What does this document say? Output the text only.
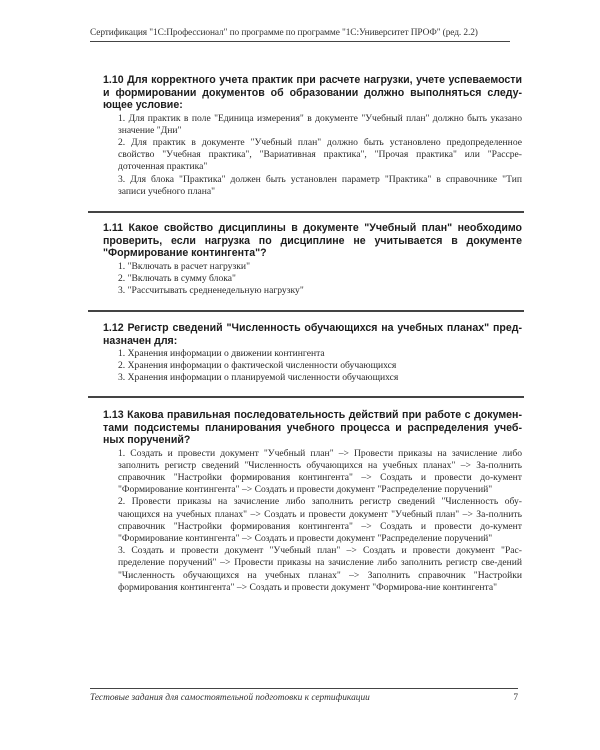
Сертификация "1С:Профессионал" по программе по программе "1С:Университет ПРОФ" (ред. 2.2)

1.10 Для корректного учета практик при расчете нагрузки, учете успеваемости и формировании документов об образовании должно выполняться следу-ющее условие:

1. Для практик в поле "Единица измерения" в документе "Учебный план" должно быть указано значение "Дни"

2. Для практик в документе "Учебный план" должно быть установлено предопределенное свойство "Учебная практика", "Вариативная практика", "Прочая практика" или "Рассре-доточенная практика"

3. Для блока "Практика" должен быть установлен параметр "Практика" в справочнике "Тип записи учебного плана"

1.11 Какое свойство дисциплины в документе "Учебный план" необходимо проверить, если нагрузка по дисциплине не учитывается в документе "Формирование контингента"?

1. "Включать в расчет нагрузки"

2. "Включать в сумму блока"

3. "Рассчитывать средненедельную нагрузку"

1.12 Регистр сведений "Численность обучающихся на учебных планах" пред-назначен для:

1. Хранения информации о движении контингента

2. Хранения информации о фактической численности обучающихся

3. Хранения информации о планируемой численности обучающихся

1.13 Какова правильная последовательность действий при работе с докумен-тами подсистемы планирования учебного процесса и распределения учеб-ных поручений?

1. Создать и провести документ "Учебный план" –> Провести приказы на зачисление либо заполнить регистр сведений "Численность обучающихся на учебных планах" –> За-полнить справочник "Настройки формирования контингента" –> Создать и провести до-кумент "Формирование контингента" –> Создать и провести документ "Распределение поручений"

2. Провести приказы на зачисление либо заполнить регистр сведений "Численность обу-чающихся на учебных планах" –> Создать и провести документ "Учебный план" –> За-полнить справочник "Настройки формирования контингента" –> Создать и провести до-кумент "Формирование контингента" –> Создать и провести документ "Распределение поручений"

3. Создать и провести документ "Учебный план" –> Создать и провести документ "Рас-пределение поручений" –> Провести приказы на зачисление либо заполнить регистр све-дений "Численность обучающихся на учебных планах" –> Заполнить справочник "Настройки формирования контингента" –> Создать и провести документ "Формирова-ние контингента"

Тестовые задания для самостоятельной подготовки к сертификации	7
